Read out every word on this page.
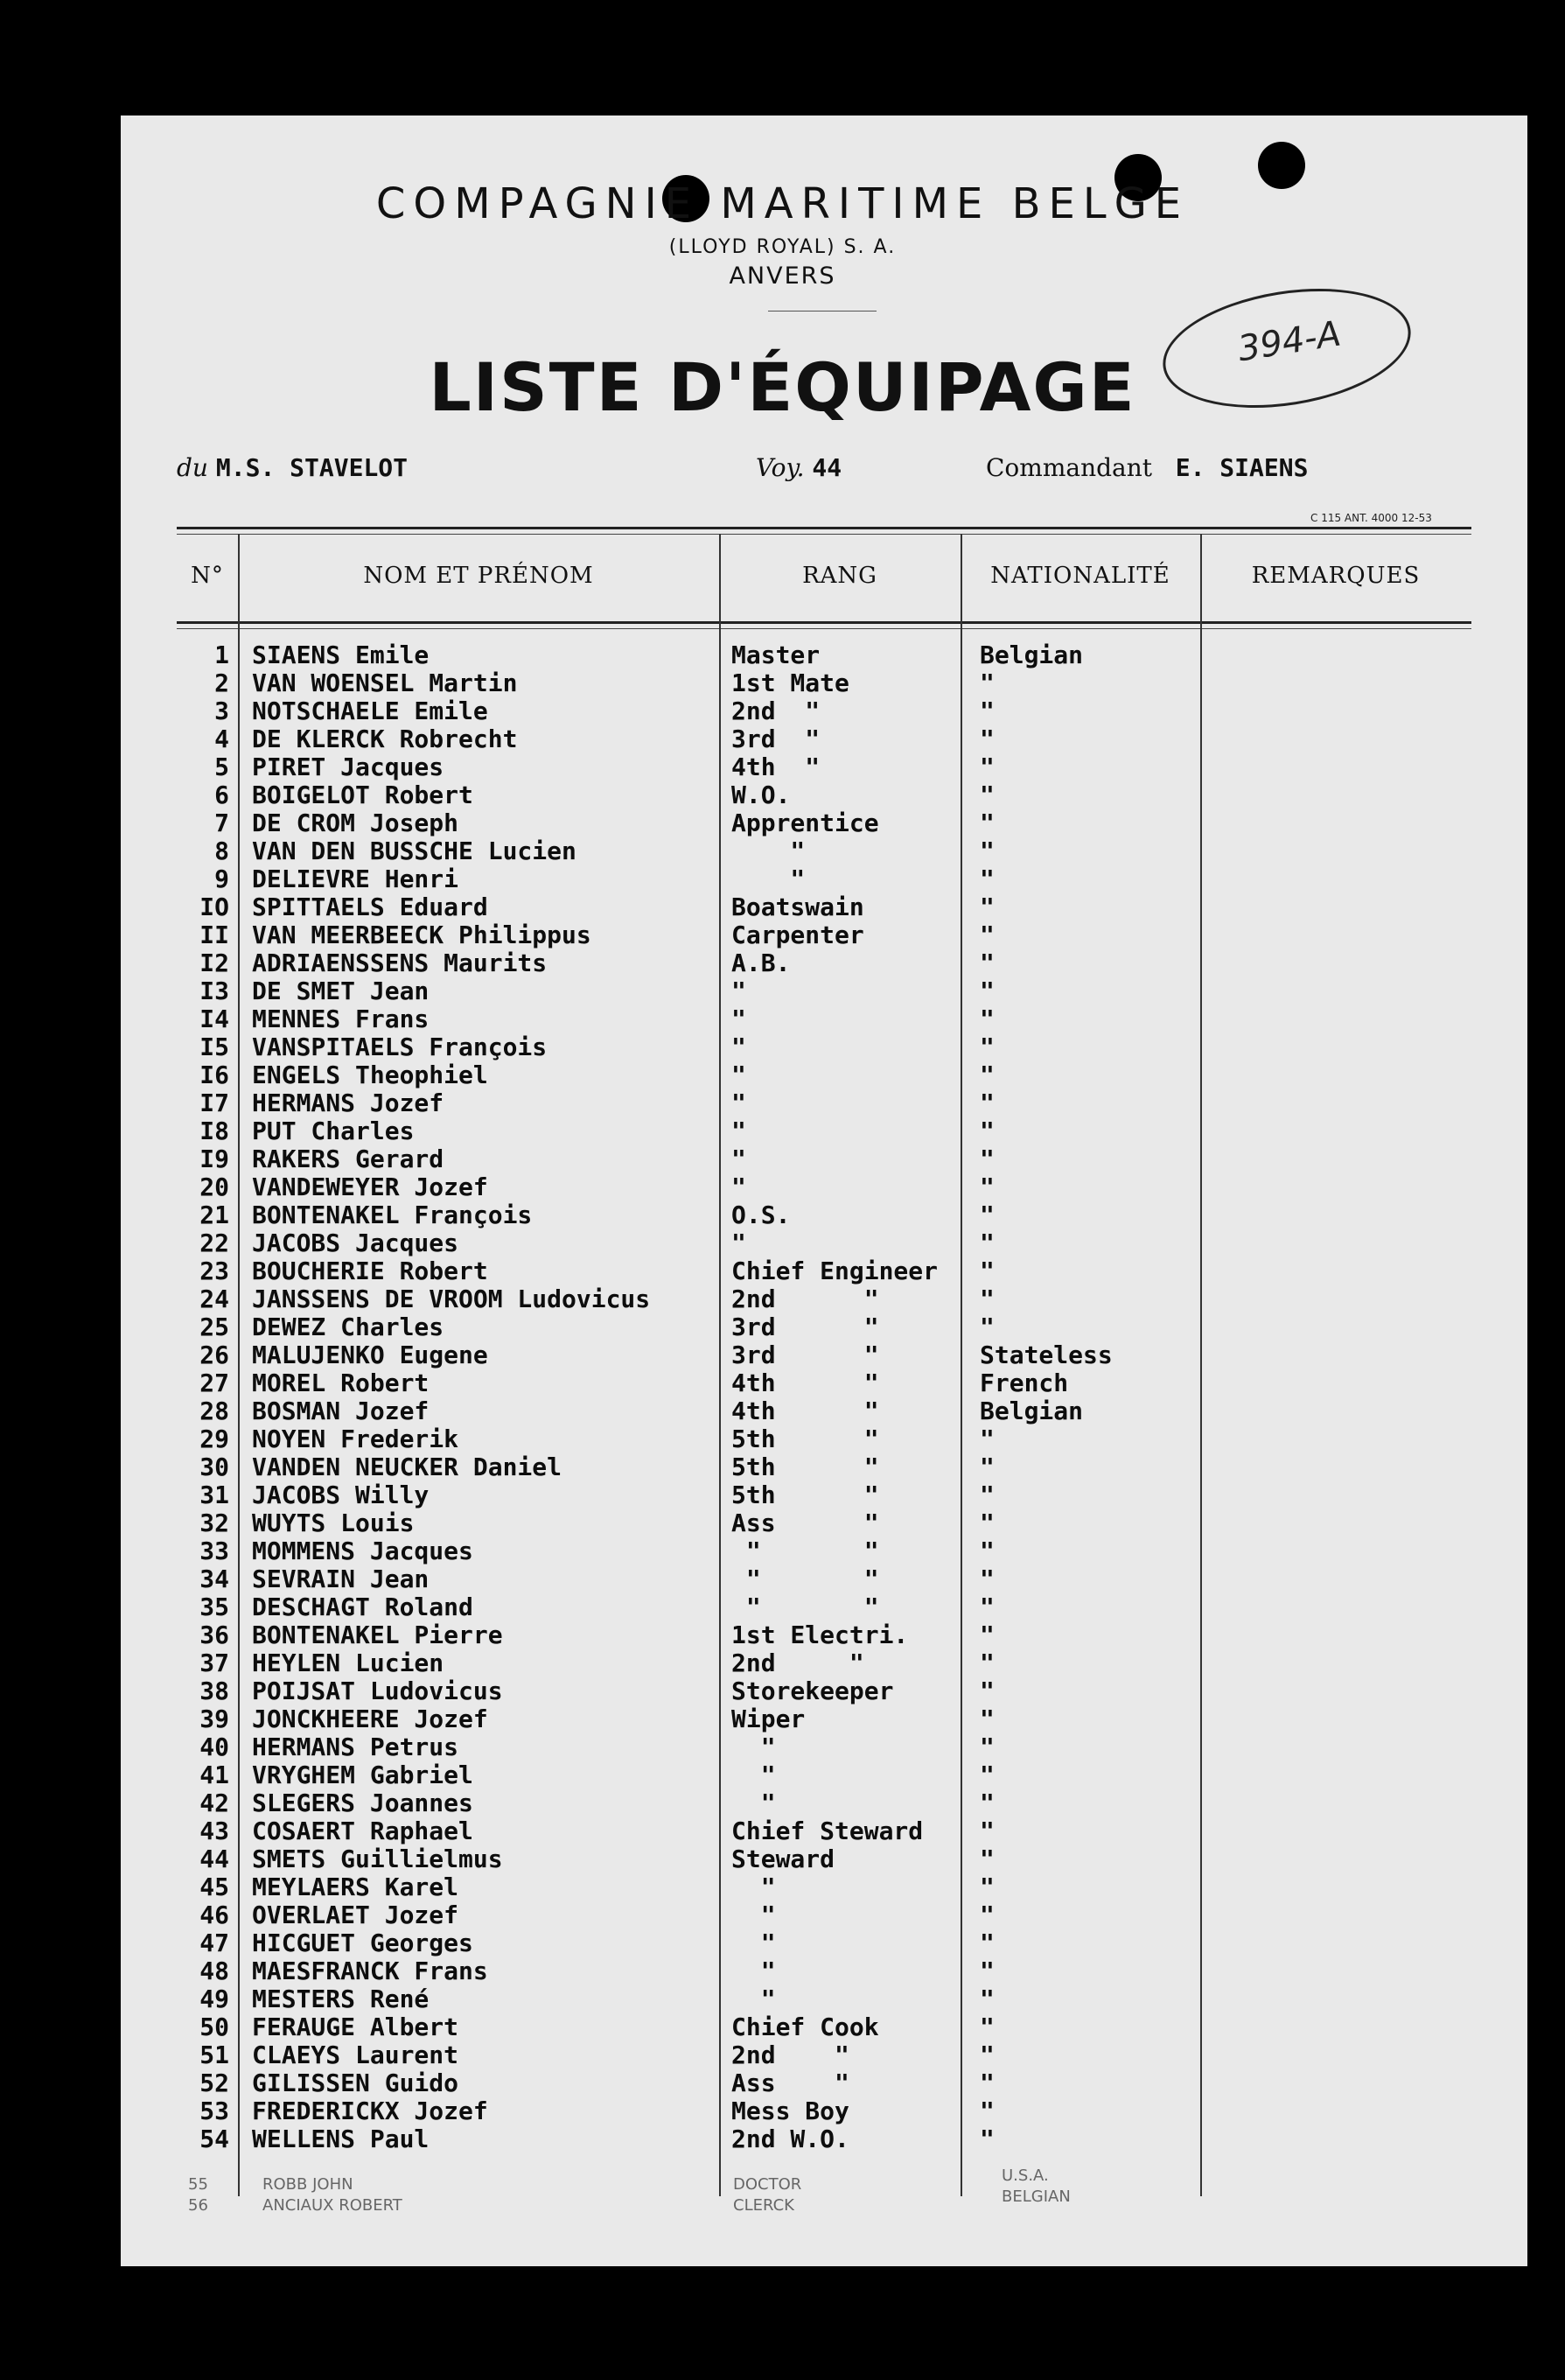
COMPAGNIE MARITIME BELGE
(LLOYD ROYAL) S. A.
ANVERS
LISTE D'ÉQUIPAGE
394-A
du M.S. STAVELOT	Voy. 44	Commandant E. SIAENS
C 115 ANT. 4000 12-53
N°	NOM ET PRÉNOM	RANG	NATIONALITÉ	REMARQUES
1 SIAENS Emile	Master	Belgian
2 VAN WOENSEL Martin	1st Mate	"
3 NOTSCHAELE Emile	2nd  "	"
4 DE KLERCK Robrecht	3rd  "	"
5 PIRET Jacques	4th  "	"
6 BOIGELOT Robert	W.O.	"
7 DE CROM Joseph	Apprentice	"
8 VAN DEN BUSSCHE Lucien	"	"
9 DELIEVRE Henri	"	"
IO SPITTAELS Eduard	Boatswain	"
II VAN MEERBEECK Philippus	Carpenter	"
I2 ADRIAENSSENS Maurits	A.B.	"
I3 DE SMET Jean	"	"
I4 MENNES Frans	"	"
I5 VANSPITAELS François	"	"
I6 ENGELS Theophiel	"	"
I7 HERMANS Jozef	"	"
I8 PUT Charles	"	"
I9 RAKERS Gerard	"	"
20 VANDEWEYER Jozef	"	"
21 BONTENAKEL François	O.S.	"
22 JACOBS Jacques	"	"
23 BOUCHERIE Robert	Chief Engineer "
24 JANSSENS DE VROOM Ludovicus	2nd      "	"
25 DEWEZ Charles	3rd      "	"
26 MALUJENKO Eugene	3rd      "	Stateless
27 MOREL Robert	4th      "	French
28 BOSMAN Jozef	4th      "	Belgian
29 NOYEN Frederik	5th      "	"
30 VANDEN NEUCKER Daniel	5th      "	"
31 JACOBS Willy	5th      "	"
32 WUYTS Louis	Ass      "	"
33 MOMMENS Jacques	"       "	"
34 SEVRAIN Jean	"       "	"
35 DESCHAGT Roland	"       "	"
36 BONTENAKEL Pierre	1st Electri.	"
37 HEYLEN Lucien	2nd     "	"
38 POIJSAT Ludovicus	Storekeeper	"
39 JONCKHEERE Jozef	Wiper	"
40 HERMANS Petrus	"	"
41 VRYGHEM Gabriel	"	"
42 SLEGERS Joannes	"	"
43 COSAERT Raphael	Chief Steward "
44 SMETS Guillielmus	Steward	"
45 MEYLAERS Karel	"	"
46 OVERLAET Jozef	"	"
47 HICGUET Georges	"	"
48 MAESFRANCK Frans	"	"
49 MESTERS René	"	"
50 FERAUGE Albert	Chief Cook	"
51 CLAEYS Laurent	2nd    "	"
52 GILISSEN Guido	Ass    "	"
53 FREDERICKX Jozef	Mess Boy	"
54 WELLENS Paul	2nd W.O.	"
55	ROBB JOHN	DOCTOR	U.S.A.
56	ANCIAUX ROBERT	CLERCK	BELGIAN
